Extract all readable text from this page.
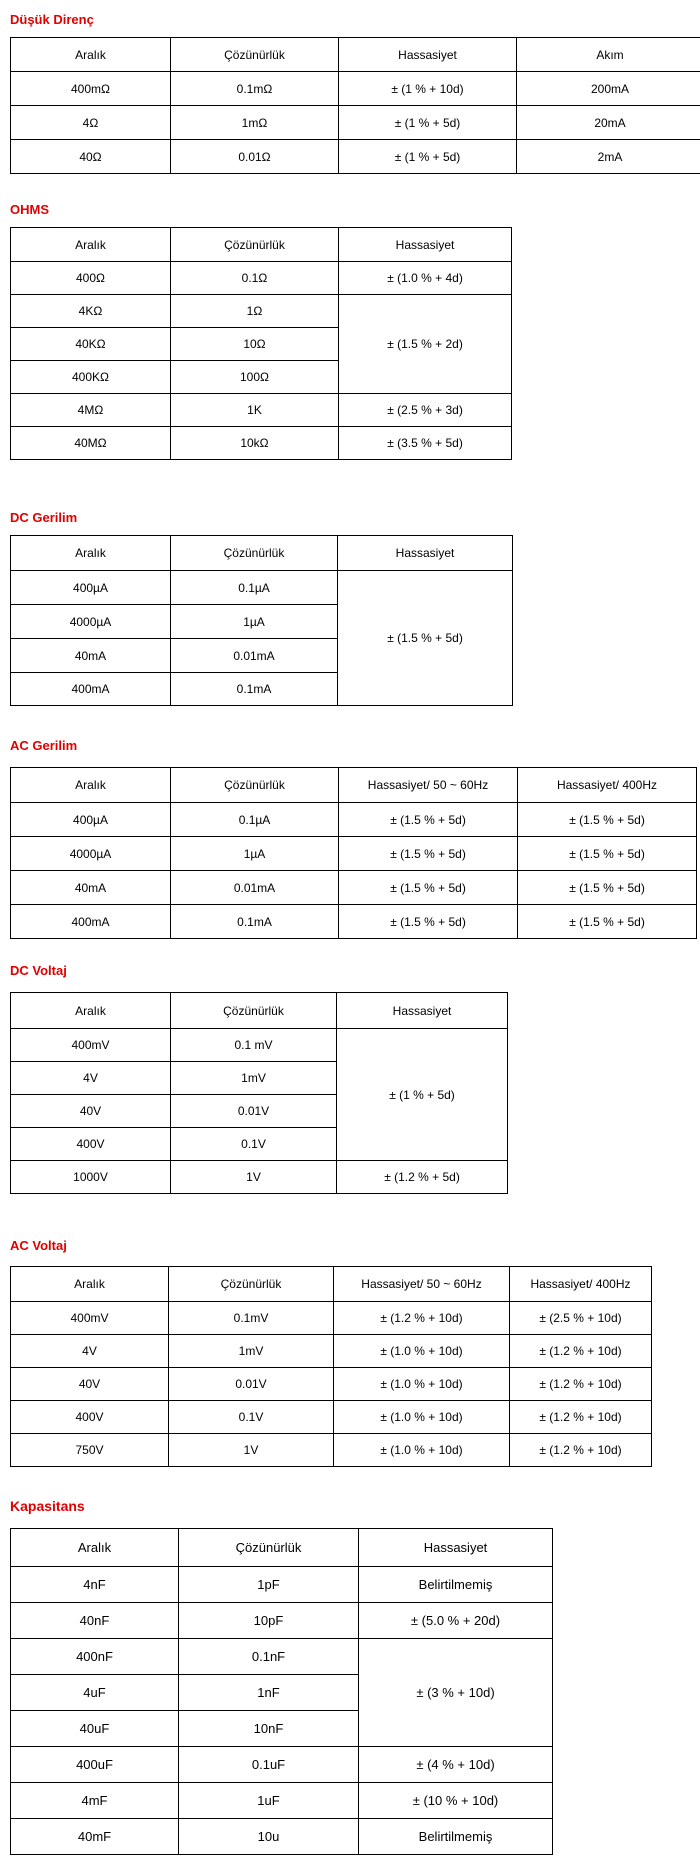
Düşük Direnç
Aralık	Çözünürlük	Hassasiyet	Akım
400mΩ	0.1mΩ	± (1 % + 10d)	200mA
4Ω	1mΩ	± (1 % + 5d)	20mA
40Ω	0.01Ω	± (1 % + 5d)	2mA
OHMS
Aralık	Çözünürlük	Hassasiyet
400Ω	0.1Ω	± (1.0 % + 4d)
4KΩ	1Ω	± (1.5 % + 2d)
40KΩ	10Ω	
400KΩ	100Ω	
4MΩ	1K	± (2.5 % + 3d)
40MΩ	10kΩ	± (3.5 % + 5d)
DC Gerilim
Aralık	Çözünürlük	Hassasiyet
400µA	0.1µA	± (1.5 % + 5d)
4000µA	1µA	
40mA	0.01mA	
400mA	0.1mA	
AC Gerilim
Aralık	Çözünürlük	Hassasiyet/ 50 ~ 60Hz	Hassasiyet/ 400Hz
400µA	0.1µA	± (1.5 % + 5d)	± (1.5 % + 5d)
4000µA	1µA	± (1.5 % + 5d)	± (1.5 % + 5d)
40mA	0.01mA	± (1.5 % + 5d)	± (1.5 % + 5d)
400mA	0.1mA	± (1.5 % + 5d)	± (1.5 % + 5d)
DC Voltaj
Aralık	Çözünürlük	Hassasiyet
400mV	0.1 mV	± (1 % + 5d)
4V	1mV	
40V	0.01V	
400V	0.1V	
1000V	1V	± (1.2 % + 5d)
AC Voltaj
Aralık	Çözünürlük	Hassasiyet/ 50 ~ 60Hz	Hassasiyet/ 400Hz
400mV	0.1mV	± (1.2 % + 10d)	± (2.5 % + 10d)
4V	1mV	± (1.0 % + 10d)	± (1.2 % + 10d)
40V	0.01V	± (1.0 % + 10d)	± (1.2 % + 10d)
400V	0.1V	± (1.0 % + 10d)	± (1.2 % + 10d)
750V	1V	± (1.0 % + 10d)	± (1.2 % + 10d)
Kapasitans
Aralık	Çözünürlük	Hassasiyet
4nF	1pF	Belirtilmemiş
40nF	10pF	± (5.0 % + 20d)
400nF	0.1nF	± (3 % + 10d)
4uF	1nF	
40uF	10nF	
400uF	0.1uF	± (4 % + 10d)
4mF	1uF	± (10 % + 10d)
40mF	10u	Belirtilmemiş
